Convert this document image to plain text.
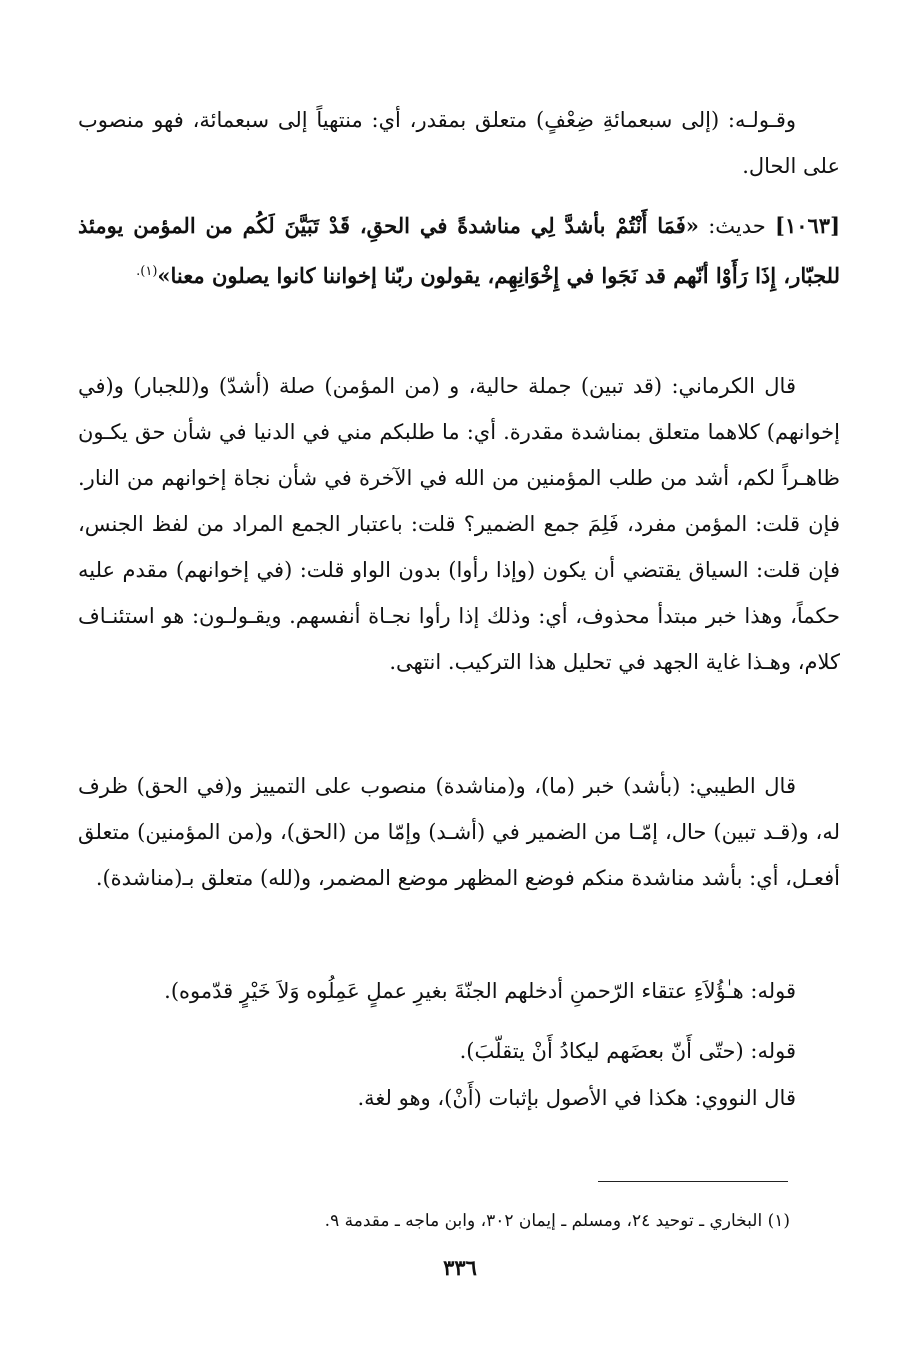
وقـولـه: (إلى سبعمائةِ ضِعْفٍ) متعلق بمقدر، أي: منتهياً إلى سبعمائة، فهو منصوب على الحال.

[١٠٦٣] حديث: «فَمَا أَنْتُمْ بأشدَّ لِي مناشدةً في الحقِ، قَدْ تَبَيَّنَ لَكُم من المؤمن يومئذ للجبّار، إِذَا رَأَوْا أنّهم قد نَجَوا في إِخْوَانِهِم، يقولون ربّنا إخواننا كانوا يصلون معنا»$^{(١).}$

قال الكرماني: (قد تبين) جملة حالية، و (من المؤمن) صلة (أشدّ) و(للجبار) و(في إخوانهم) كلاهما متعلق بمناشدة مقدرة. أي: ما طلبكم مني في الدنيا في شأن حق يكـون ظاهـراً لكم، أشد من طلب المؤمنين من الله في الآخرة في شأن نجاة إخوانهم من النار. فإن قلت: المؤمن مفرد، فَلِمَ جمع الضمير؟ قلت: باعتبار الجمع المراد من لفظ الجنس، فإن قلت: السياق يقتضي أن يكون (وإذا رأوا) بدون الواو قلت: (في إخوانهم) مقدم عليه حكماً، وهذا خبر مبتدأ محذوف، أي: وذلك إذا رأوا نجـاة أنفسهم. ويقـولـون: هو استئنـاف كلام، وهـذا غاية الجهد في تحليل هذا التركيب. انتهى.

قال الطيبي: (بأشد) خبر (ما)، و(مناشدة) منصوب على التمييز و(في الحق) ظرف له، و(قـد تبين) حال، إمّـا من الضمير في (أشـد) وإمّا من (الحق)، و(من المؤمنين) متعلق أفعـل، أي: بأشد مناشدة منكم فوضع المظهر موضع المضمر، و(لله) متعلق بـ(مناشدة).

قوله: هـٰؤُلاَءِ عتقاء الرّحمنِ أدخلهم الجنّةَ بغيرِ عملٍ عَمِلُوه وَلاَ خَيْرٍ قدّموه).

قوله: (حتّى أَنّ بعضَهم ليكادُ أَنْ يتقلّبَ).

قال النووي: هكذا في الأصول بإثبات (أَنْ)، وهو لغة.

(١) البخاري ـ توحيد ٢٤، ومسلم ـ إيمان ٣٠٢، وابن ماجه ـ مقدمة ٩.

٣٣٦
